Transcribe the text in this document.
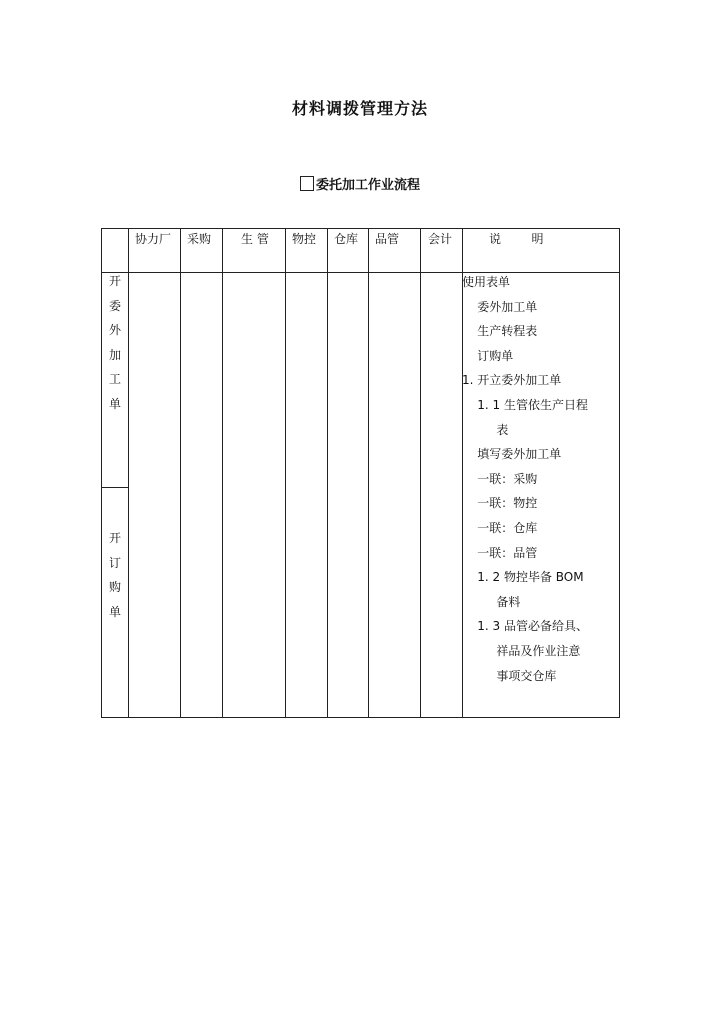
材料调拨管理方法
委托加工作业流程
协力厂 采购 生 管 物控 仓库 品管 会计	说        明
开
委
外
加
工
单
开
订
购
单
使用表单
委外加工单
生产转程表
订购单
1. 开立委外加工单
1. 1 生管依生产日程
表
填写委外加工单
一联：采购
一联：物控
一联：仓库
一联：品管
1. 2 物控毕备 BOM
备料
1. 3 品管必备给具、
祥品及作业注意
事项交仓库
